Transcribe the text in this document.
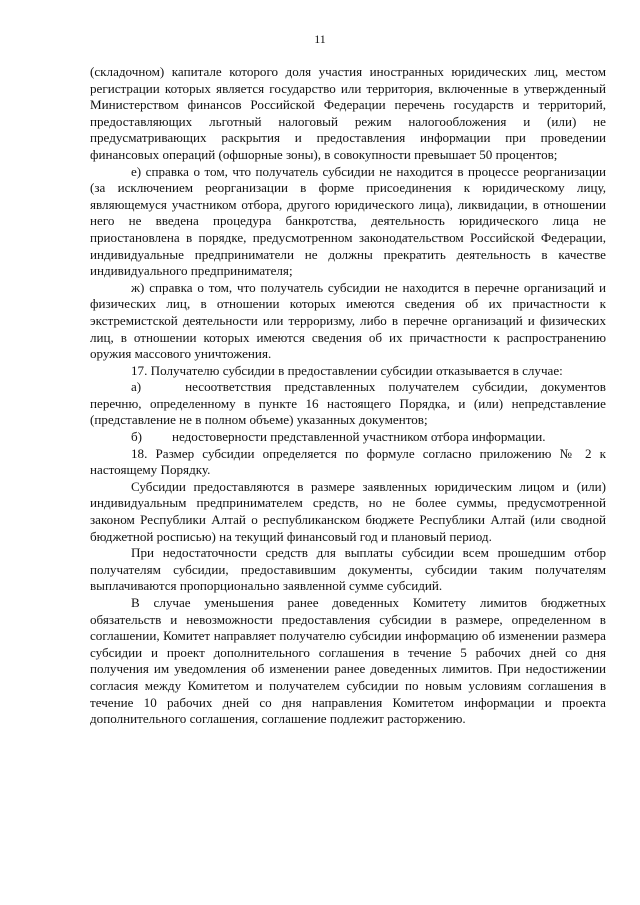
11

(складочном) капитале которого доля участия иностранных юридических лиц, местом регистрации которых является государство или территория, включенные в утвержденный Министерством финансов Российской Федерации перечень государств и территорий, предоставляющих льготный налоговый режим налогообложения и (или) не предусматривающих раскрытия и предоставления информации при проведении финансовых операций (офшорные зоны), в совокупности превышает 50 процентов;

е) справка о том, что получатель субсидии не находится в процессе реорганизации (за исключением реорганизации в форме присоединения к юридическому лицу, являющемуся участником отбора, другого юридического лица), ликвидации, в отношении него не введена процедура банкротства, деятельность юридического лица не приостановлена в порядке, предусмотренном законодательством Российской Федерации, индивидуальные предприниматели не должны прекратить деятельность в качестве индивидуального предпринимателя;

ж) справка о том, что получатель субсидии не находится в перечне организаций и физических лиц, в отношении которых имеются сведения об их причастности к экстремистской деятельности или терроризму, либо в перечне организаций и физических лиц, в отношении которых имеются сведения об их причастности к распространению оружия массового уничтожения.

17. Получателю субсидии в предоставлении субсидии отказывается в случае:

а)	несоответствия представленных получателем субсидии, документов перечню, определенному в пункте 16 настоящего Порядка, и (или) непредставление (представление не в полном объеме) указанных документов;
б)	недостоверности представленной участником отбора информации.

18. Размер субсидии определяется по формуле согласно приложению № 2 к настоящему Порядку.

Субсидии предоставляются в размере заявленных юридическим лицом и (или) индивидуальным предпринимателем средств, но не более суммы, предусмотренной законом Республики Алтай о республиканском бюджете Республики Алтай (или сводной бюджетной росписью) на текущий финансовый год и плановый период.

При недостаточности средств для выплаты субсидии всем прошедшим отбор получателям субсидии, предоставившим документы, субсидии таким получателям выплачиваются пропорционально заявленной сумме субсидий.

В случае уменьшения ранее доведенных Комитету лимитов бюджетных обязательств и невозможности предоставления субсидии в размере, определенном в соглашении, Комитет направляет получателю субсидии информацию об изменении размера субсидии и проект дополнительного соглашения в течение 5 рабочих дней со дня получения им уведомления об изменении ранее доведенных лимитов. При недостижении согласия между Комитетом и получателем субсидии по новым условиям соглашения в течение 10 рабочих дней со дня направления Комитетом информации и проекта дополнительного соглашения, соглашение подлежит расторжению.
